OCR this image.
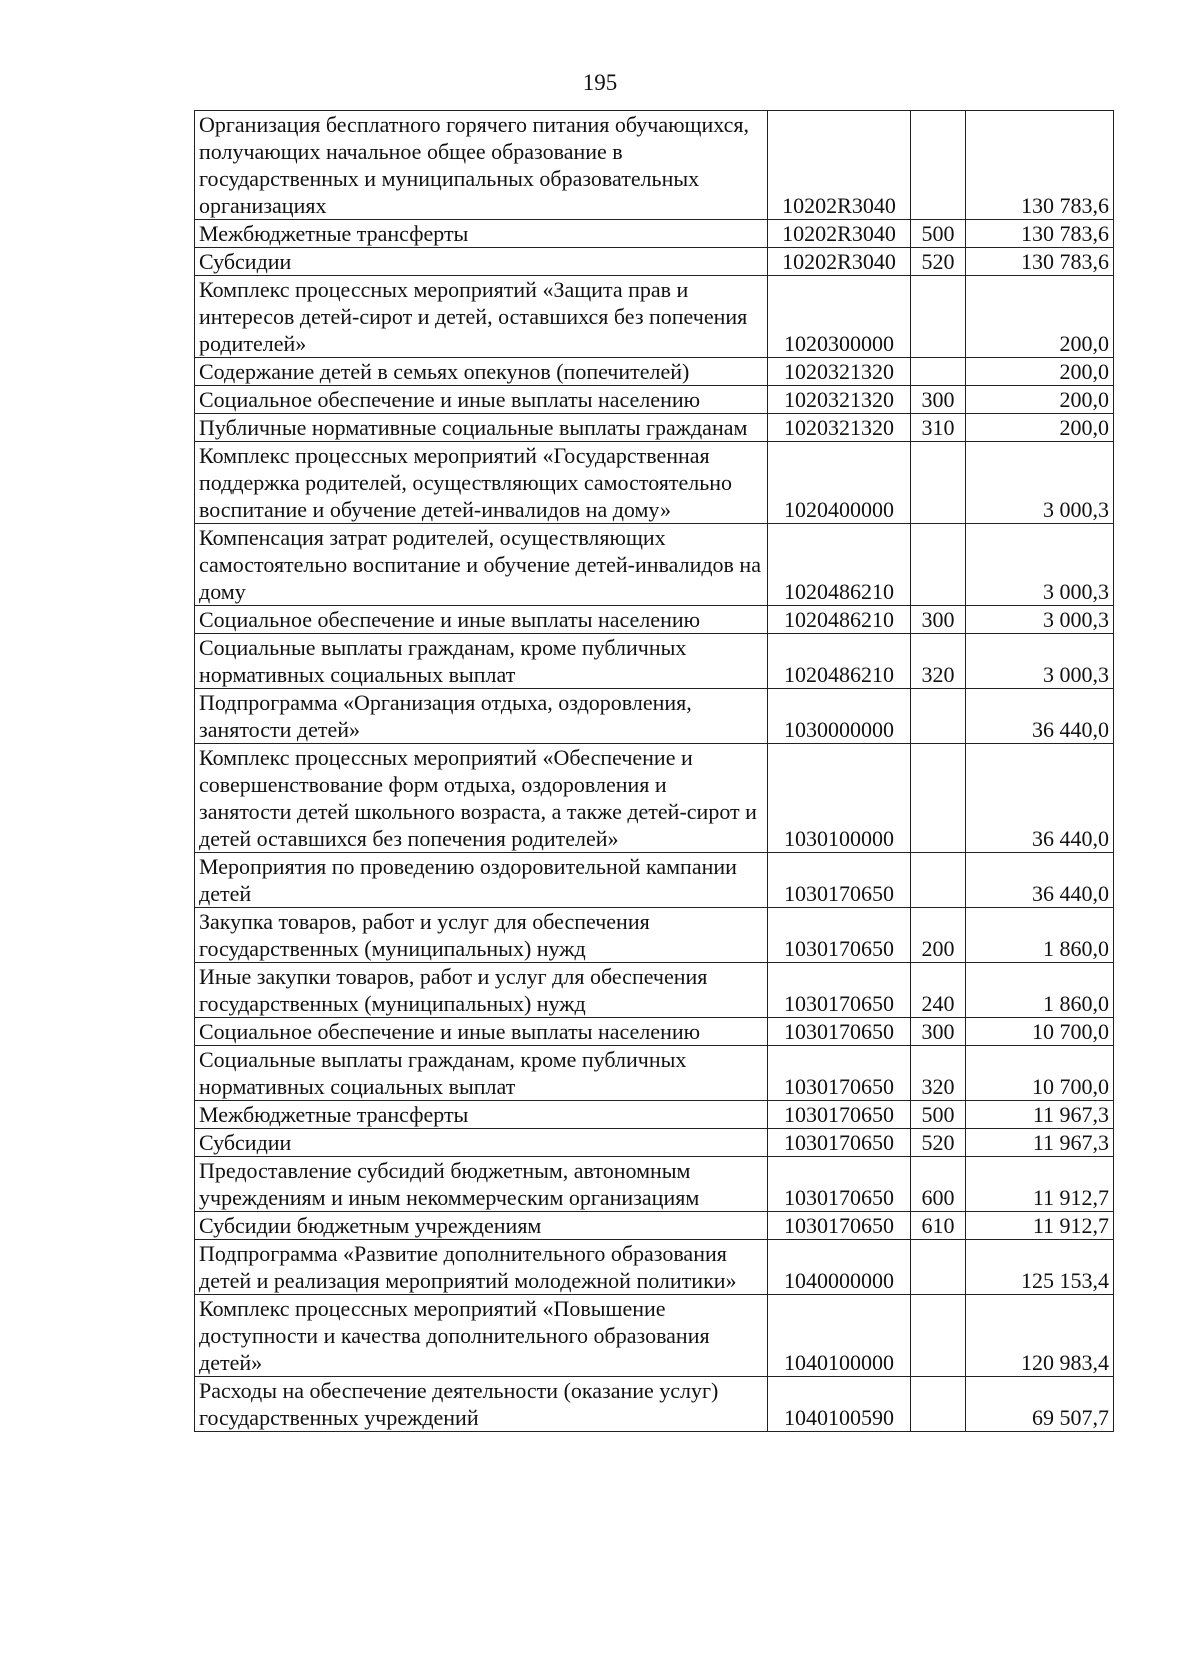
195
Организация бесплатного горячего питания обучающихся, получающих начальное общее образование в государственных и муниципальных образовательных организациях	10202R3040		130 783,6

Межбюджетные трансферты	10202R3040	500	130 783,6

Субсидии	10202R3040	520	130 783,6

Комплекс процессных мероприятий «Защита прав и интересов детей-сирот и детей, оставшихся без попечения родителей»	1020300000		200,0

Содержание детей в семьях опекунов (попечителей)	1020321320		200,0

Социальное обеспечение и иные выплаты населению	1020321320	300	200,0

Публичные нормативные социальные выплаты гражданам	1020321320	310	200,0

Комплекс процессных мероприятий «Государственная поддержка родителей, осуществляющих самостоятельно воспитание и обучение детей-инвалидов на дому»	1020400000		3 000,3

Компенсация затрат родителей, осуществляющих самостоятельно воспитание и обучение детей-инвалидов на дому	1020486210		3 000,3

Социальное обеспечение и иные выплаты населению	1020486210	300	3 000,3

Социальные выплаты гражданам, кроме публичных нормативных социальных выплат	1020486210	320	3 000,3

Подпрограмма «Организация отдыха, оздоровления, занятости детей»	1030000000		36 440,0

Комплекс процессных мероприятий «Обеспечение и совершенствование форм отдыха, оздоровления и занятости детей школьного возраста, а также детей-сирот и детей оставшихся без попечения родителей»	1030100000		36 440,0

Мероприятия по проведению оздоровительной кампании детей	1030170650		36 440,0

Закупка товаров, работ и услуг для обеспечения государственных (муниципальных) нужд	1030170650	200	1 860,0

Иные закупки товаров, работ и услуг для обеспечения государственных (муниципальных) нужд	1030170650	240	1 860,0

Социальное обеспечение и иные выплаты населению	1030170650	300	10 700,0

Социальные выплаты гражданам, кроме публичных нормативных социальных выплат	1030170650	320	10 700,0

Межбюджетные трансферты	1030170650	500	11 967,3

Субсидии	1030170650	520	11 967,3

Предоставление субсидий бюджетным, автономным учреждениям и иным некоммерческим организациям	1030170650	600	11 912,7

Субсидии бюджетным учреждениям	1030170650	610	11 912,7

Подпрограмма «Развитие дополнительного образования детей и реализация мероприятий молодежной политики»	1040000000		125 153,4

Комплекс процессных мероприятий «Повышение доступности и качества дополнительного образования детей»	1040100000		120 983,4

Расходы на обеспечение деятельности (оказание услуг) государственных учреждений	1040100590		69 507,7
